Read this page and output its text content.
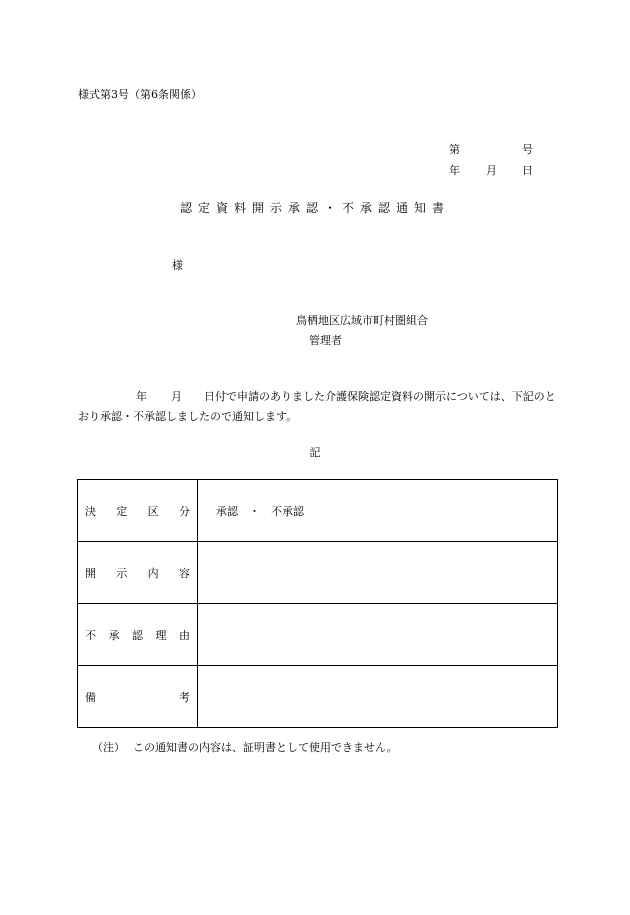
様式第3号（第6条関係）
第	号
年 月 日
認定資料開示承認・不承認通知書
様
鳥栖地区広域市町村圏組合
管理者
年 月 日付で申請のありました介護保険認定資料の開示については、下記のとおり承認・不承認しましたので通知します。
記
決 定 区 分	承認　・　不承認

開 示 内 容	

不 承 認 理 由	

備 考	

（注） この通知書の内容は、証明書として使用できません。
